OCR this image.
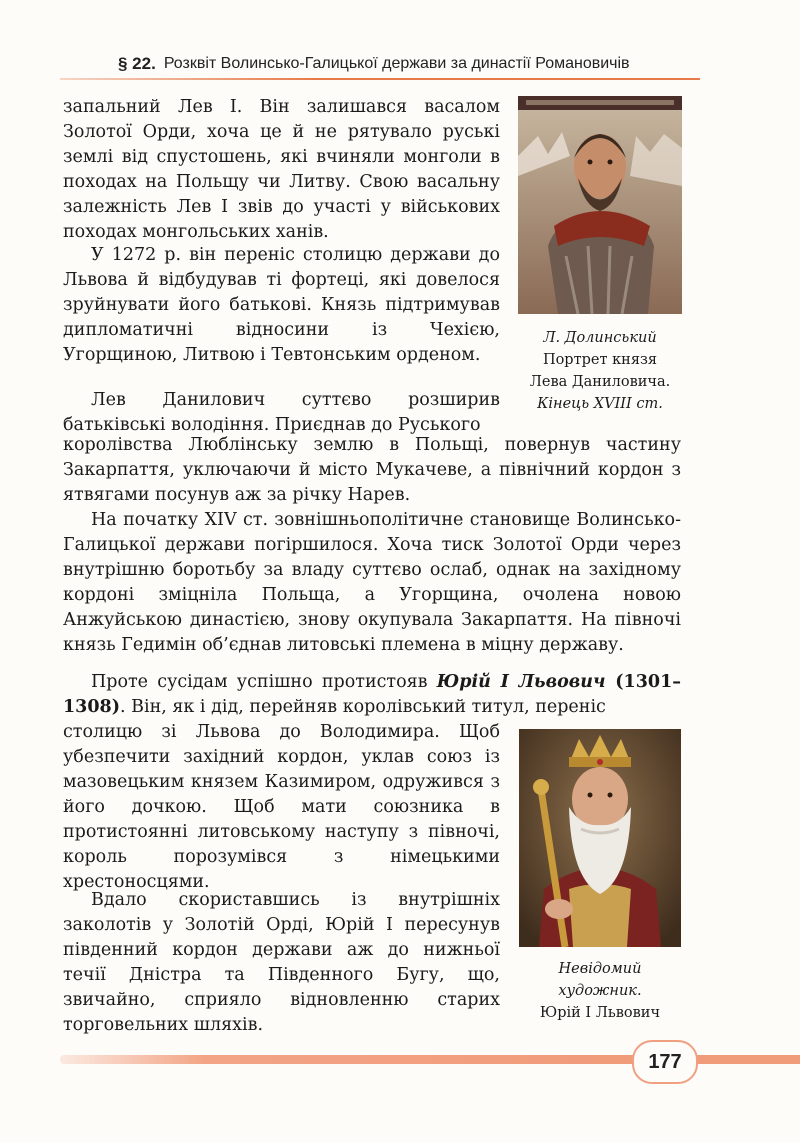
§ 22. Розквіт Волинсько-Галицької держави за династії Романовичів

запальний Лев І. Він залишався васалом Золотої Орди, хоча це й не рятувало руські землі від спустошень, які вчиняли монголи в походах на Польщу чи Литву. Свою васальну залежність Лев І звів до участі у військових походах монгольських ханів.

У 1272 р. він переніс столицю держави до Львова й відбудував ті фортеці, які довелося зруйнувати його батькові. Князь підтримував дипломатичні відносини із Чехією, Угорщиною, Литвою і Тевтонським орденом.

Лев Данилович суттєво розширив батьківські володіння. Приєднав до Руського

королівства Люблінську землю в Польщі, повернув частину Закарпаття, уключаючи й місто Мукачеве, а північний кордон з ятвягами посунув аж за річку Нарев.

На початку XIV ст. зовнішньополітичне становище Волинсько-Галицької держави погіршилося. Хоча тиск Золотої Орди через внутрішню боротьбу за владу суттєво ослаб, однак на західному кордоні зміцніла Польща, а Угорщина, очолена новою Анжуйською династією, знову окупувала Закарпаття. На півночі князь Гедимін об’єднав литовські племена в міцну державу.

Проте сусідам успішно протистояв Юрій І Львович (1301–1308). Він, як і дід, перейняв королівський титул, переніс

столицю зі Львова до Володимира. Щоб убезпечити західний кордон, уклав союз із мазовецьким князем Казимиром, одружився з його дочкою. Щоб мати союзника в протистоянні литовському наступу з півночі, король порозумівся з німецькими хрестоносцями.

Вдало скориставшись із внутрішніх заколотів у Золотій Орді, Юрій І пересунув південний кордон держави аж до нижньої течії Дністра та Південного Бугу, що, звичайно, сприяло відновленню старих торговельних шляхів.

Л. Долинський
Портрет князя
Лева Даниловича.
Кінець XVIII ст.
Невідомий
художник.
Юрій І Львович
177
